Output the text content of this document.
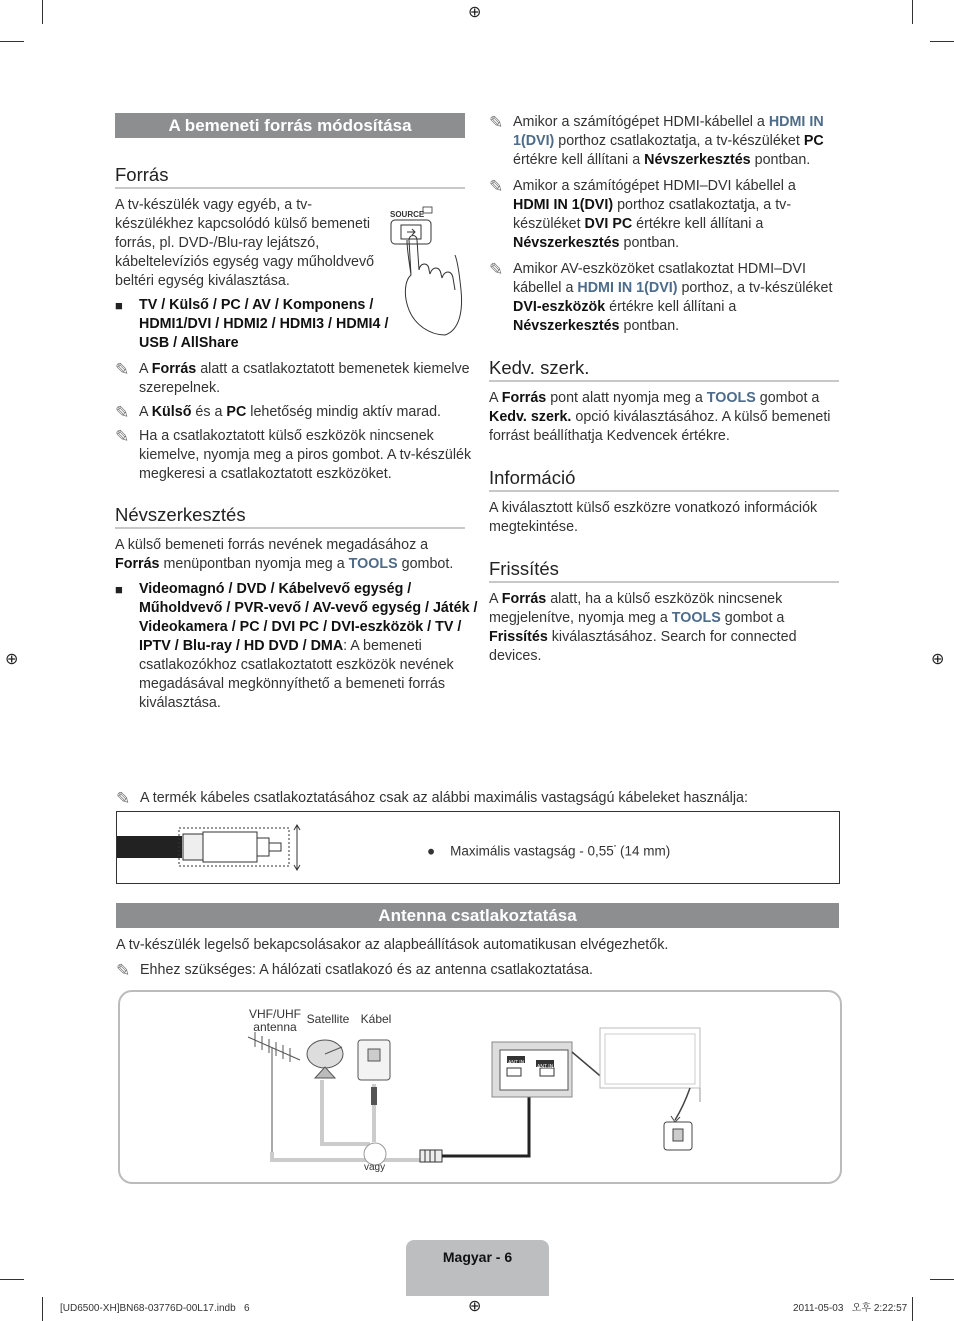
⊕
⊕	⊕
⊕
A bemeneti forrás módosítása
Forrás
A tv-készülék vagy egyéb, a tv-készülékhez kapcsolódó külső bemeneti forrás, pl. DVD-/Blu-ray lejátszó, kábeltelevíziós egység vagy műholdvevő beltéri egység kiválasztása.
SOURCE
■ TV / Külső / PC / AV / Komponens / HDMI1/DVI / HDMI2 / HDMI3 / HDMI4 / USB / AllShare
✎ A Forrás alatt a csatlakoztatott bemenetek kiemelve szerepelnek.
✎ A Külső és a PC lehetőség mindig aktív marad.
✎ Ha a csatlakoztatott külső eszközök nincsenek kiemelve, nyomja meg a piros gombot. A tv-készülék megkeresi a csatlakoztatott eszközöket.
Névszerkesztés
A külső bemeneti forrás nevének megadásához a Forrás menüpontban nyomja meg a TOOLS gombot.
■ Videomagnó / DVD / Kábelvevő egység / Műholdvevő / PVR-vevő / AV-vevő egység / Játék / Videokamera / PC / DVI PC / DVI-eszközök / TV / IPTV / Blu-ray / HD DVD / DMA: A bemeneti csatlakozókhoz csatlakoztatott eszközök nevének megadásával megkönnyíthető a bemeneti forrás kiválasztása.
✎ Amikor a számítógépet HDMI-kábellel a HDMI IN 1(DVI) porthoz csatlakoztatja, a tv-készüléket PC értékre kell állítani a Névszerkesztés pontban.
✎ Amikor a számítógépet HDMI–DVI kábellel a HDMI IN 1(DVI) porthoz csatlakoztatja, a tv-készüléket DVI PC értékre kell állítani a Névszerkesztés pontban.
✎ Amikor AV-eszközöket csatlakoztat HDMI–DVI kábellel a HDMI IN 1(DVI) porthoz, a tv-készüléket DVI-eszközök értékre kell állítani a Névszerkesztés pontban.
Kedv. szerk.
A Forrás pont alatt nyomja meg a TOOLS gombot a Kedv. szerk. opció kiválasztásához. A külső bemeneti forrást beállíthatja Kedvencek értékre.
Információ
A kiválasztott külső eszközre vonatkozó információk megtekintése.
Frissítés
A Forrás alatt, ha a külső eszközök nincsenek megjelenítve, nyomja meg a TOOLS gombot a Frissítés kiválasztásához. Search for connected devices.
✎ A termék kábeles csatlakoztatásához csak az alábbi maximális vastagságú kábeleket használja:
● Maximális vastagság - 0,55" (14 mm)
Antenna csatlakoztatása
A tv-készülék legelső bekapcsolásakor az alapbeállítások automatikusan elvégezhetők.
✎ Ehhez szükséges: A hálózati csatlakozó és az antenna csatlakoztatása.
VHF/UHF antenna
Satellite Kábel
vagy
ANT IN
ANT IN
Magyar - 6
[UD6500-XH]BN68-03776D-00L17.indb   6	2011-05-03   오후 2:22:57
